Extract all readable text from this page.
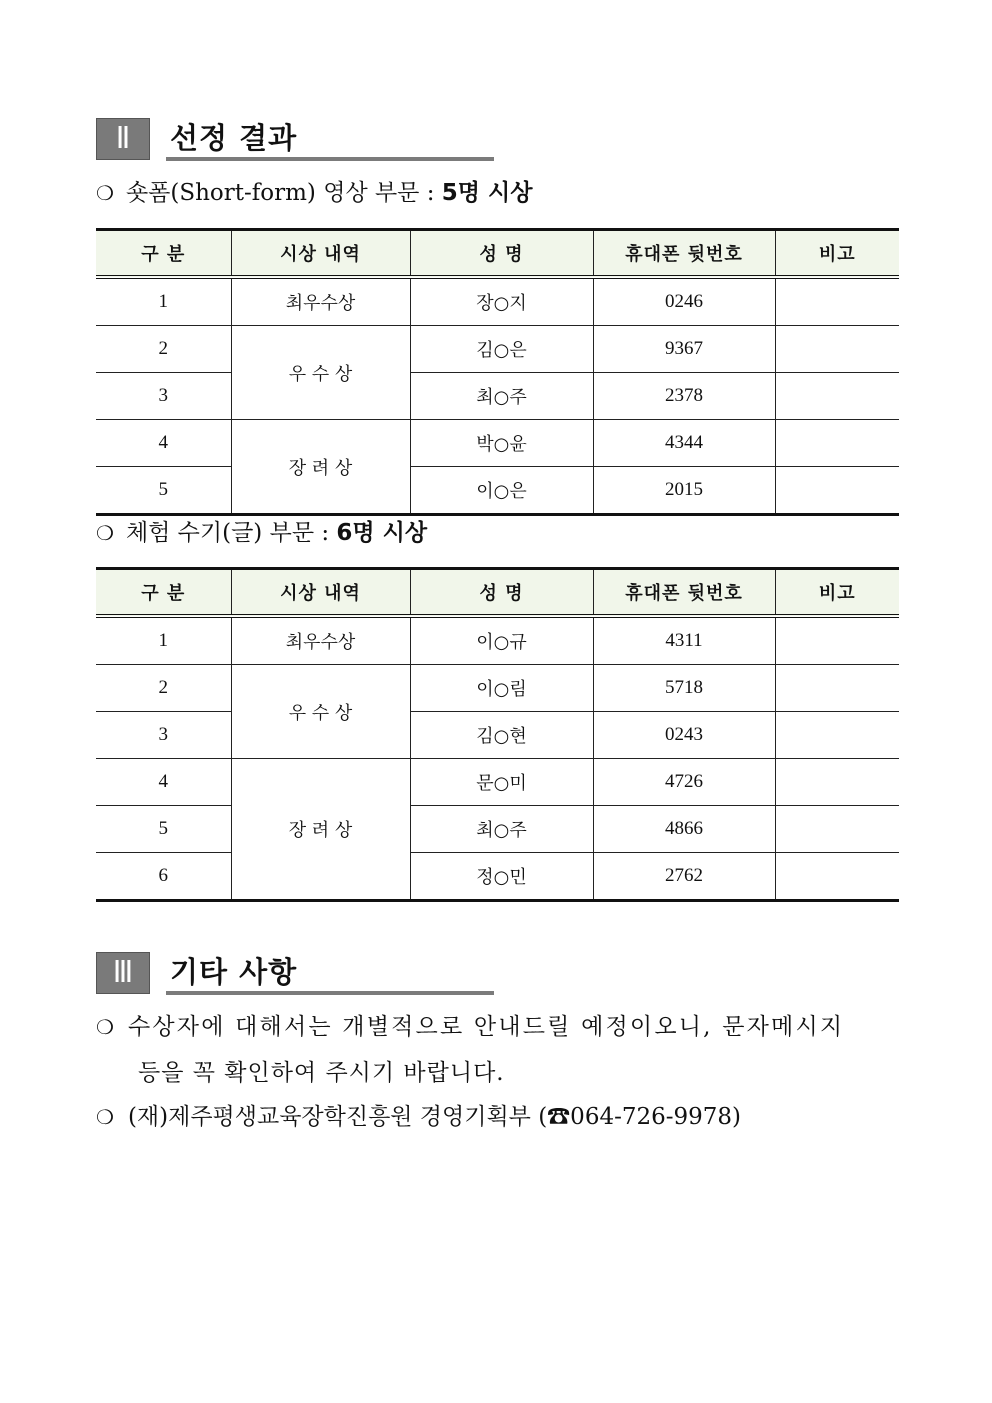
Ⅱ	선정 결과
❍ 숏폼(Short-form) 영상 부문 : 5명 시상
구 분	시상 내역	성 명	휴대폰 뒷번호	비고
1	최우수상	장○지	0246	
2	우 수 상	김○은	9367	
3		최○주	2378	
4	장 려 상	박○윤	4344	
5		이○은	2015	
❍ 체험 수기(글) 부문 : 6명 시상
구 분	시상 내역	성 명	휴대폰 뒷번호	비고
1	최우수상	이○규	4311	
2	우 수 상	이○림	5718	
3		김○현	0243	
4	장 려 상	문○미	4726	
5		최○주	4866	
6		정○민	2762	
Ⅲ	기타 사항
❍ 수상자에 대해서는 개별적으로 안내드릴 예정이오니, 문자메시지
등을 꼭 확인하여 주시기 바랍니다.
❍ (재)제주평생교육장학진흥원 경영기획부 (☎064-726-9978)
